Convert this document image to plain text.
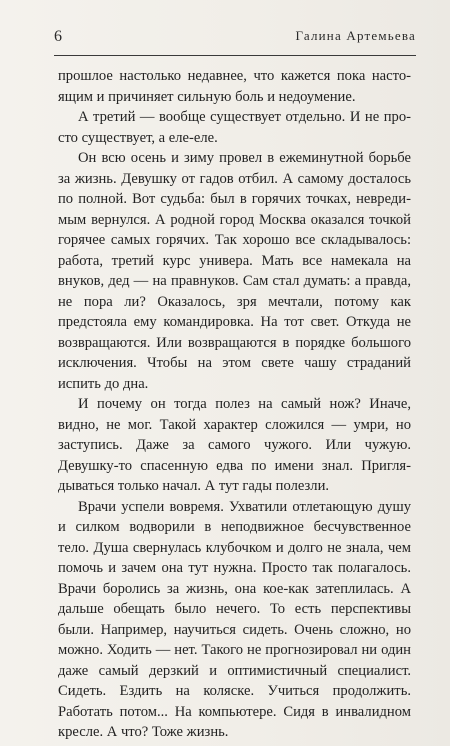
6	Галина Артемьева

прошлое настолько недавнее, что кажется пока настоящим и причиняет сильную боль и недоумение.

А третий — вообще существует отдельно. И не просто существует, а еле-еле.

Он всю осень и зиму провел в ежеминутной борьбе за жизнь. Девушку от гадов отбил. А самому досталось по полной. Вот судьба: был в горячих точках, невредимым вернулся. А родной город Москва оказался точкой горячее самых горячих. Так хорошо все складывалось: работа, третий курс универа. Мать все намекала на внуков, дед — на правнуков. Сам стал думать: а правда, не пора ли? Оказалось, зря мечтали, потому как предстояла ему командировка. На тот свет. Откуда не возвращаются. Или возвращаются в порядке большого исключения. Чтобы на этом свете чашу страданий испить до дна.

И почему он тогда полез на самый нож? Иначе, видно, не мог. Такой характер сложился — умри, но заступись. Даже за самого чужого. Или чужую. Девушку-то спасенную едва по имени знал. Приглядываться только начал. А тут гады полезли.

Врачи успели вовремя. Ухватили отлетающую душу и силком водворили в неподвижное бесчувственное тело. Душа свернулась клубочком и долго не знала, чем помочь и зачем она тут нужна. Просто так полагалось. Врачи боролись за жизнь, она кое-как затеплилась. А дальше обещать было нечего. То есть перспективы были. Например, научиться сидеть. Очень сложно, но можно. Ходить — нет. Такого не прогнозировал ни один даже самый дерзкий и оптимистичный специалист. Сидеть. Ездить на коляске. Учиться продолжить. Работать потом... На компьютере. Сидя в инвалидном кресле. А что? Тоже жизнь.
